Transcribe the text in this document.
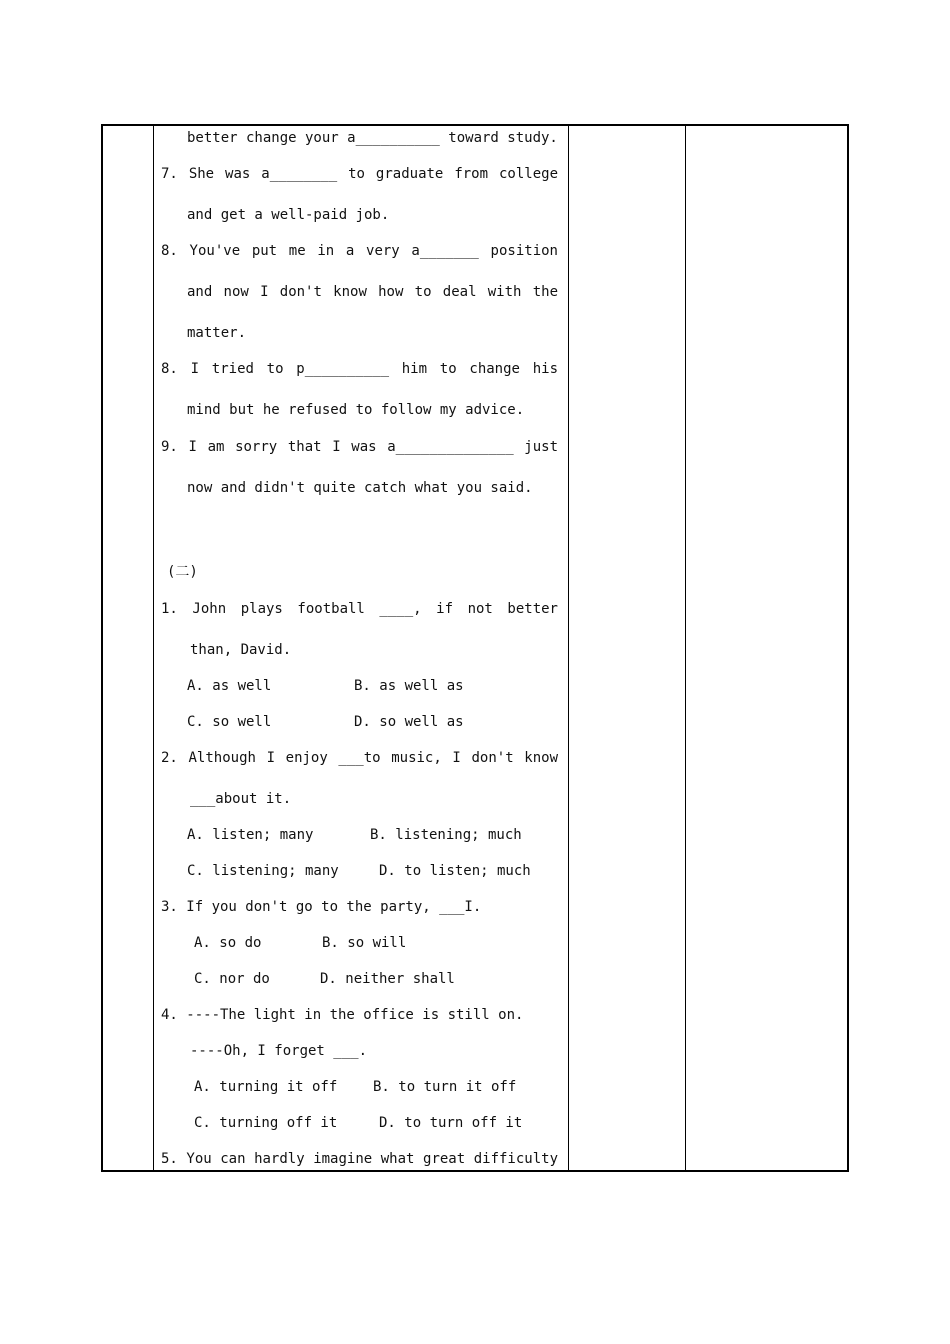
better change your a__________ toward study.
7. She was a________ to graduate from college
and get a well-paid job.
8. You've put me in a very a_______ position
and now I don't know how to deal with the
matter.
8. I tried to p__________ him to change his
mind but he refused to follow my advice.
9. I am sorry that I was a______________ just
now and didn't quite catch what you said.
(二)
1. John plays football ____, if not better
than, David.
A. as well	B. as well as
C. so well	D. so well as
2. Although I enjoy ___to music, I don't know
___about it.
A. listen; many	B. listening; much
C. listening; many	D. to listen; much
3. If you don't go to the party, ___I.
A. so do	B. so will
C. nor do	D. neither shall
4. ----The light in the office is still on.
----Oh, I forget ___.
A. turning it off	B. to turn it off
C. turning off it	D. to turn off it
5. You can hardly imagine what great difficulty
